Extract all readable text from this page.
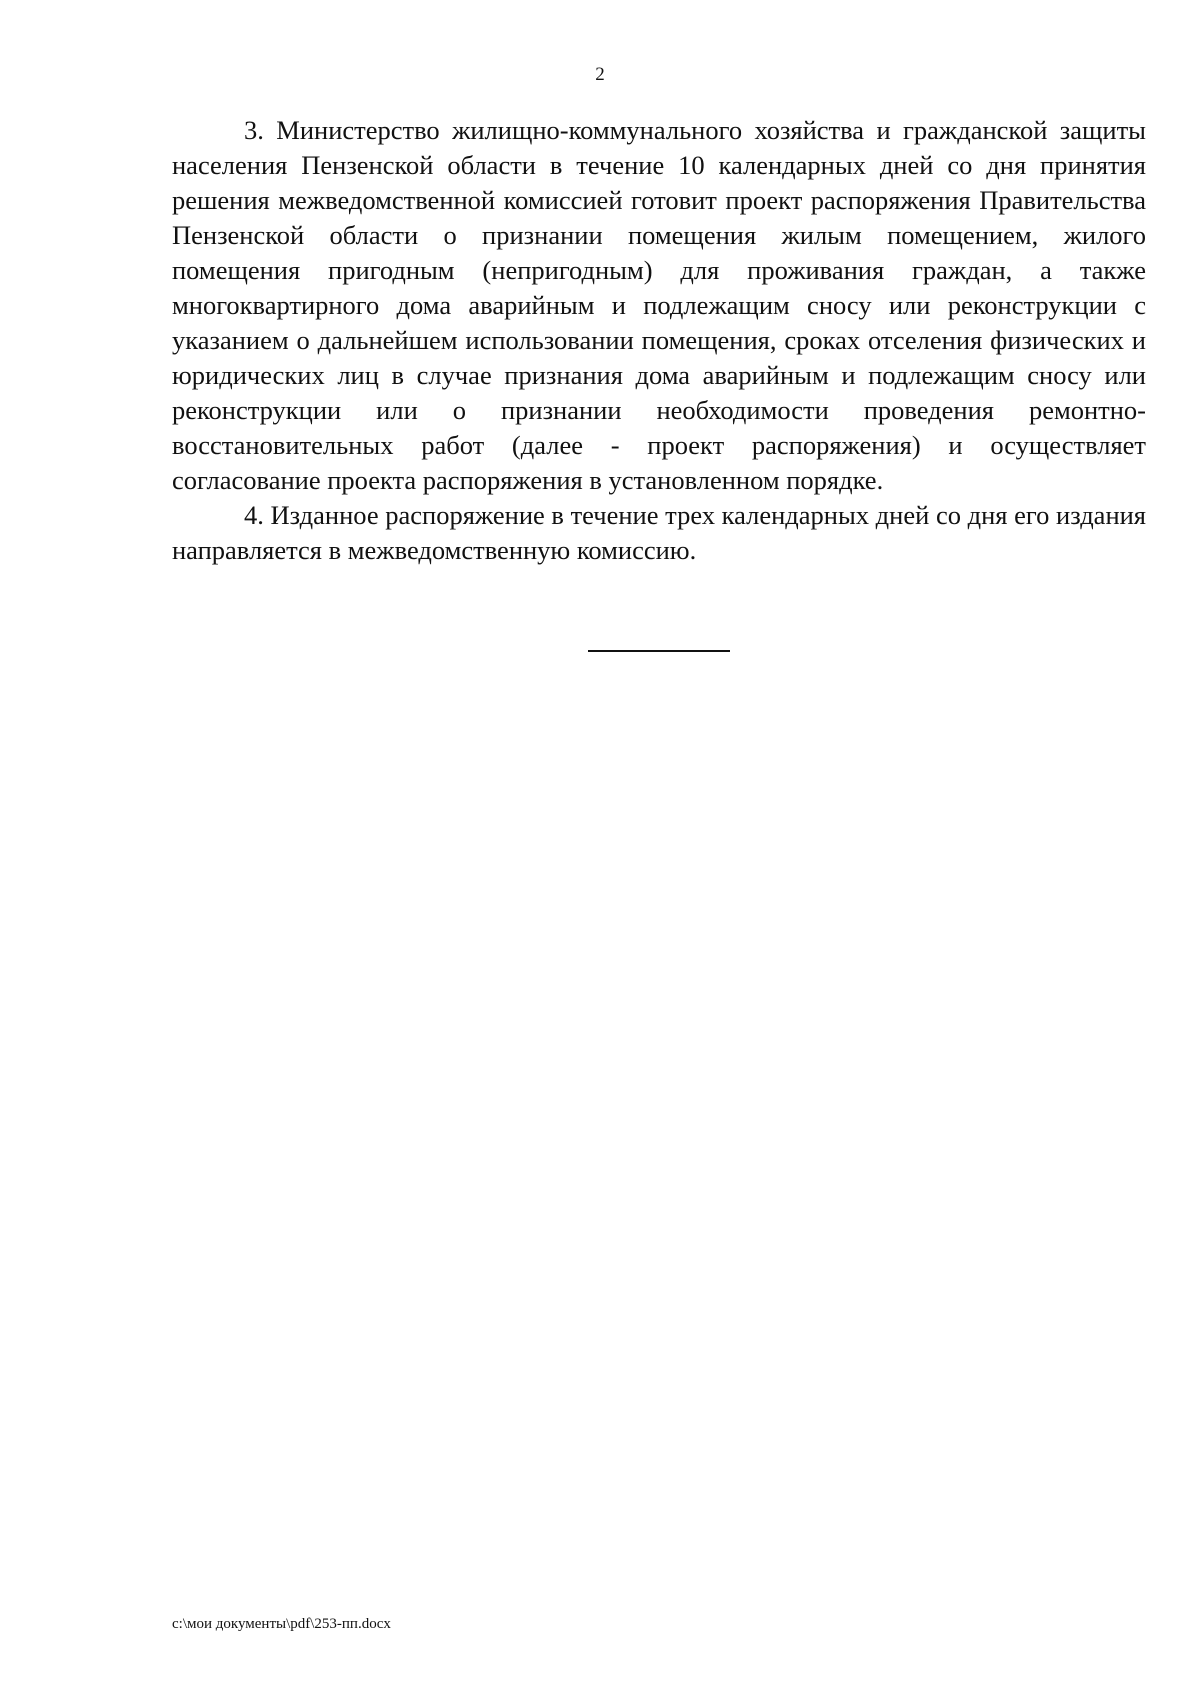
2

3. Министерство жилищно-коммунального хозяйства и гражданской защиты населения Пензенской области в течение 10 календарных дней со дня принятия решения межведомственной комиссией готовит проект распоряжения Правительства Пензенской области о признании помещения жилым помещением, жилого помещения пригодным (непригодным) для проживания граждан, а также многоквартирного дома аварийным и подлежащим сносу или реконструкции с указанием о дальнейшем использовании помещения, сроках отселения физических и юридических лиц в случае признания дома аварийным и подлежащим сносу или реконструкции или о признании необходимости проведения ремонтно-восстановительных работ (далее - проект распоряжения) и осуществляет согласование проекта распоряжения в установленном порядке.

4. Изданное распоряжение в течение трех календарных дней со дня его издания направляется в межведомственную комиссию.

c:\мои документы\pdf\253-пп.docx
